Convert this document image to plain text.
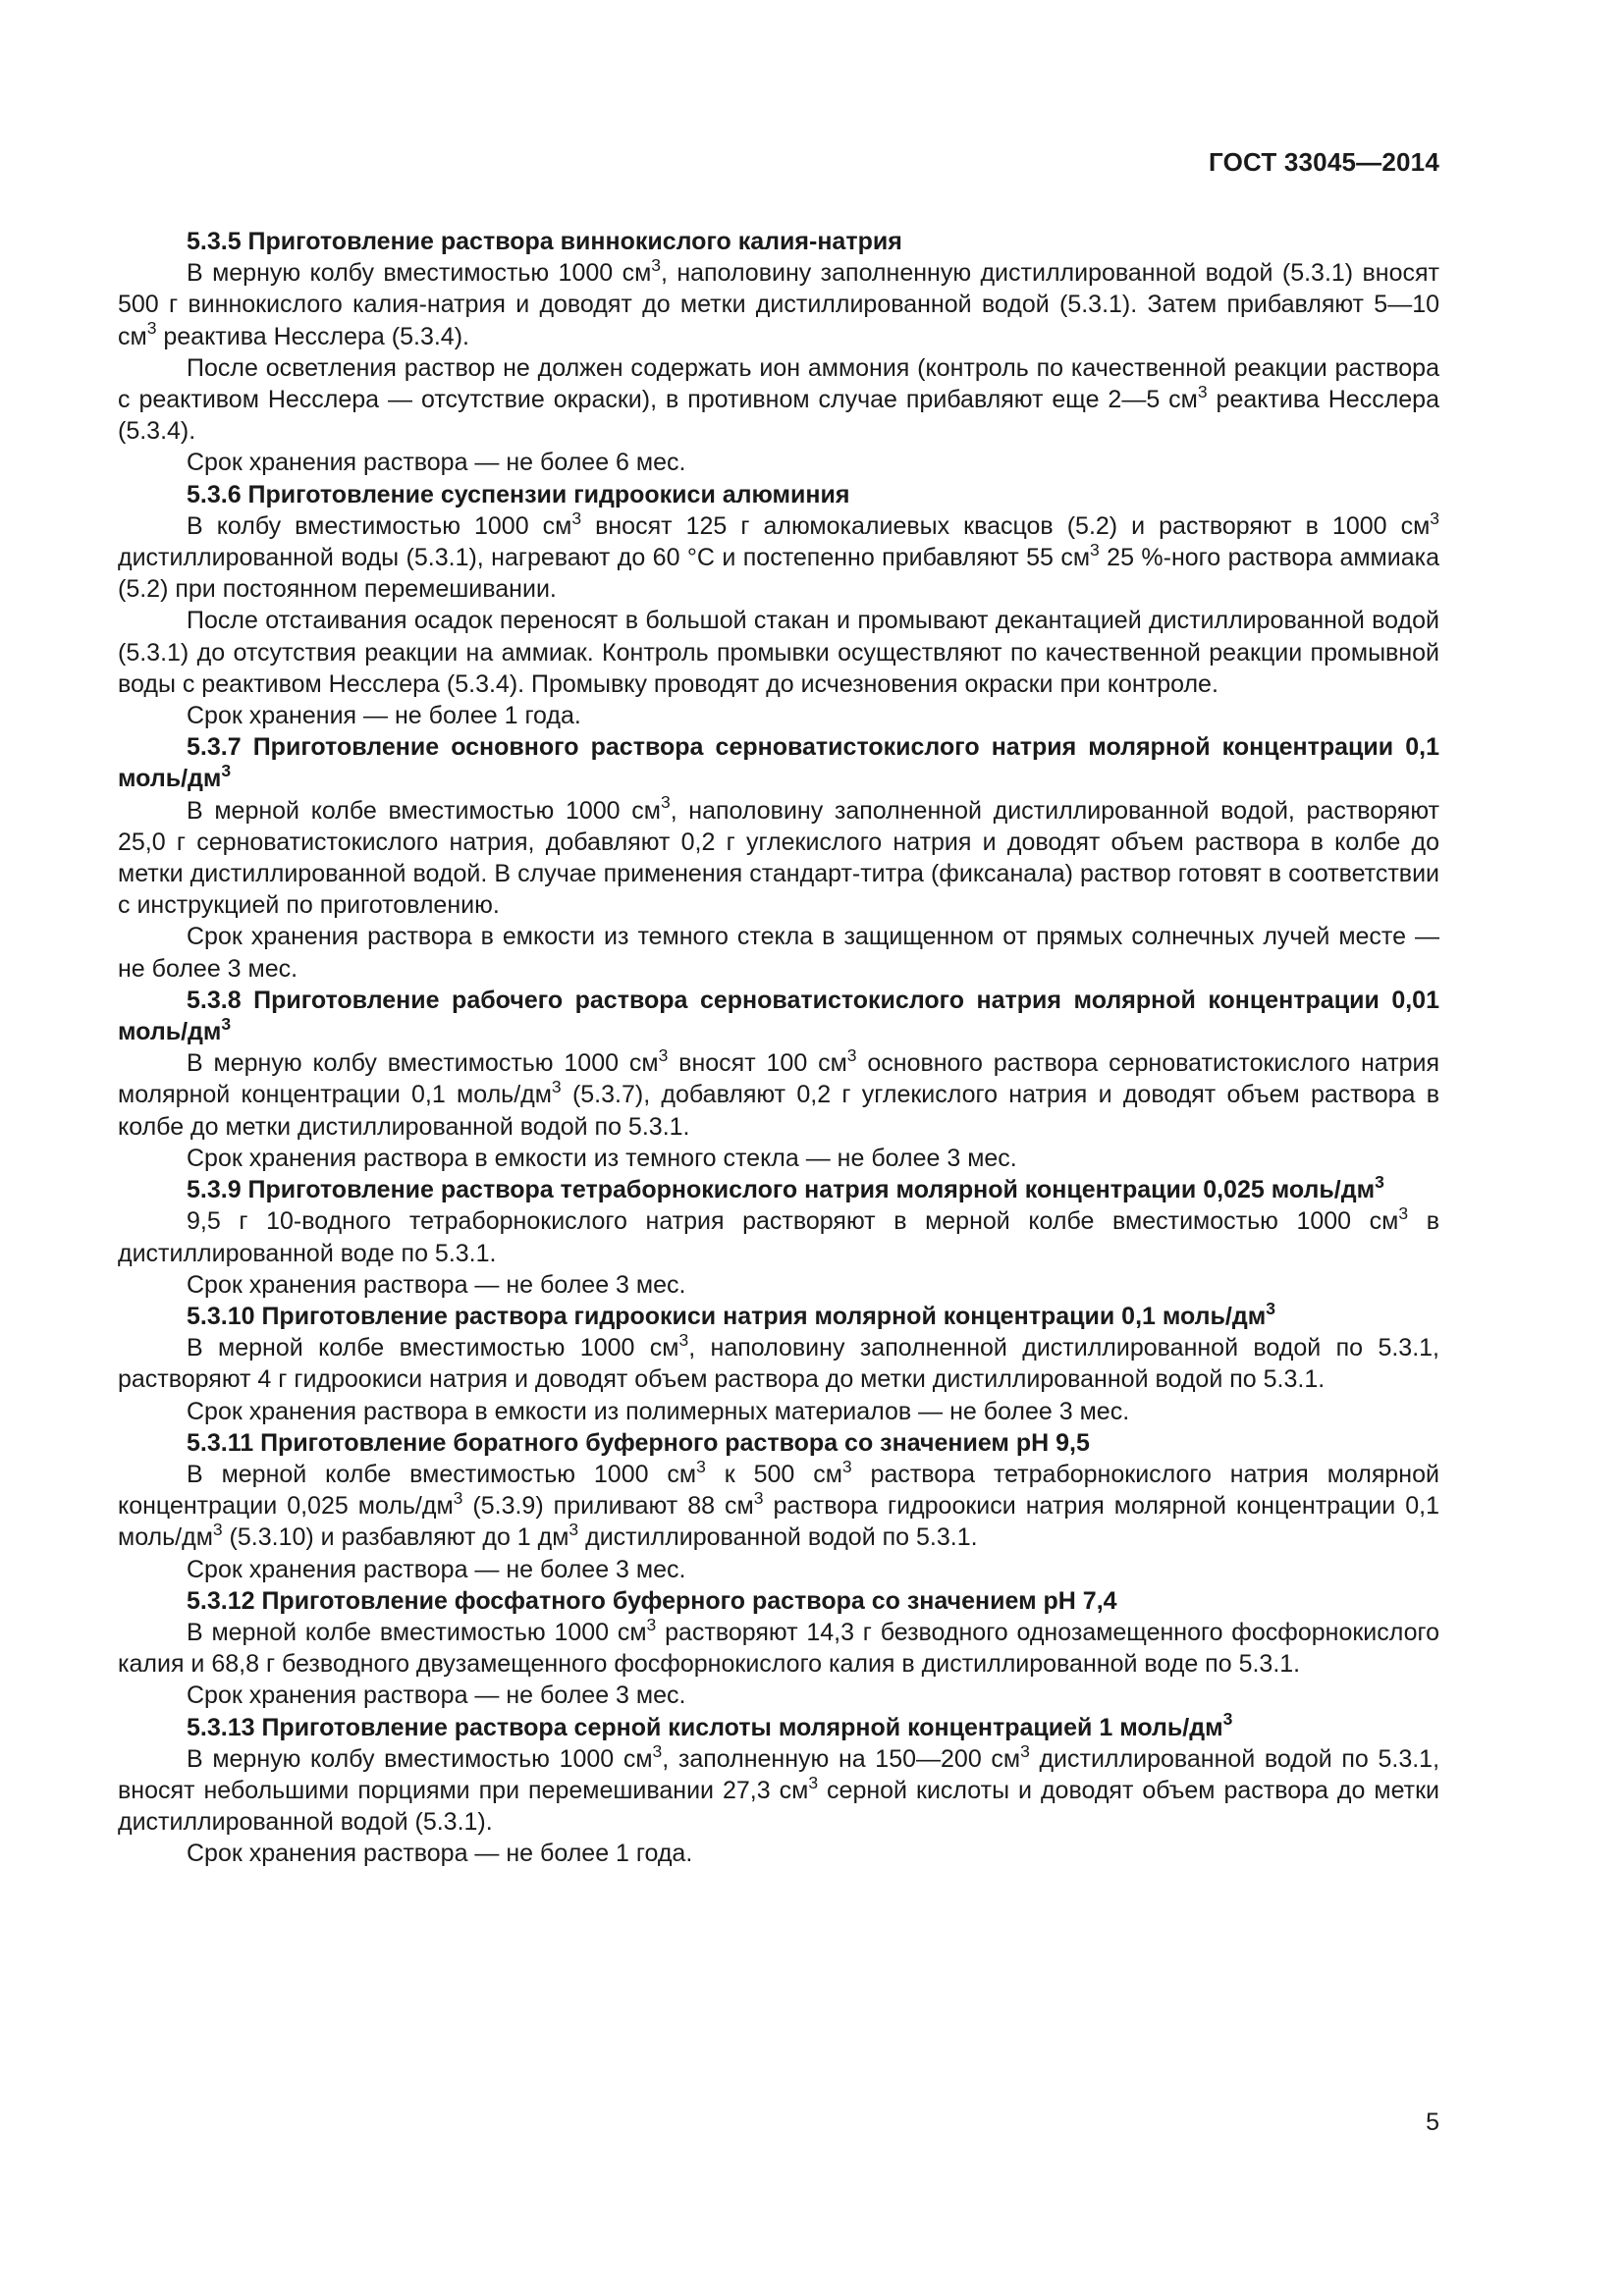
ГОСТ 33045—2014

5.3.5 Приготовление раствора виннокислого калия-натрия

В мерную колбу вместимостью 1000 $см^3$, наполовину заполненную дистиллированной водой (5.3.1) вносят 500 г виннокислого калия-натрия и доводят до метки дистиллированной водой (5.3.1). Затем прибавляют 5—10 $см^3$ реактива Несслера (5.3.4).

После осветления раствор не должен содержать ион аммония (контроль по качественной реакции раствора с реактивом Несслера — отсутствие окраски), в противном случае прибавляют еще 2—5 $см^3$ реактива Несслера (5.3.4).

Срок хранения раствора — не более 6 мес.

5.3.6 Приготовление суспензии гидроокиси алюминия

В колбу вместимостью 1000 $см^3$ вносят 125 г алюмокалиевых квасцов (5.2) и растворяют в 1000 $см^3$ дистиллированной воды (5.3.1), нагревают до 60 °С и постепенно прибавляют 55 $см^3$ 25 %-ного раствора аммиака (5.2) при постоянном перемешивании.

После отстаивания осадок переносят в большой стакан и промывают декантацией дистиллированной водой (5.3.1) до отсутствия реакции на аммиак. Контроль промывки осуществляют по качественной реакции промывной воды с реактивом Несслера (5.3.4). Промывку проводят до исчезновения окраски при контроле.

Срок хранения — не более 1 года.

5.3.7 Приготовление основного раствора серноватистокислого натрия молярной концентрации 0,1 моль/$дм^3$

В мерной колбе вместимостью 1000 $см^3$, наполовину заполненной дистиллированной водой, растворяют 25,0 г серноватистокислого натрия, добавляют 0,2 г углекислого натрия и доводят объем раствора в колбе до метки дистиллированной водой. В случае применения стандарт-титра (фиксанала) раствор готовят в соответствии с инструкцией по приготовлению.

Срок хранения раствора в емкости из темного стекла в защищенном от прямых солнечных лучей месте — не более 3 мес.

5.3.8 Приготовление рабочего раствора серноватистокислого натрия молярной концентрации 0,01 моль/$дм^3$

В мерную колбу вместимостью 1000 $см^3$ вносят 100 $см^3$ основного раствора серноватистокислого натрия молярной концентрации 0,1 моль/$дм^3$ (5.3.7), добавляют 0,2 г углекислого натрия и доводят объем раствора в колбе до метки дистиллированной водой по 5.3.1.

Срок хранения раствора в емкости из темного стекла — не более 3 мес.

5.3.9 Приготовление раствора тетраборнокислого натрия молярной концентрации 0,025 моль/$дм^3$

9,5 г 10-водного тетраборнокислого натрия растворяют в мерной колбе вместимостью 1000 $см^3$ в дистиллированной воде по 5.3.1.

Срок хранения раствора — не более 3 мес.

5.3.10 Приготовление раствора гидроокиси натрия молярной концентрации 0,1 моль/$дм^3$

В мерной колбе вместимостью 1000 $см^3$, наполовину заполненной дистиллированной водой по 5.3.1, растворяют 4 г гидроокиси натрия и доводят объем раствора до метки дистиллированной водой по 5.3.1.

Срок хранения раствора в емкости из полимерных материалов — не более 3 мес.

5.3.11 Приготовление боратного буферного раствора со значением рН 9,5

В мерной колбе вместимостью 1000 $см^3$ к 500 $см^3$ раствора тетраборнокислого натрия молярной концентрации 0,025 моль/$дм^3$ (5.3.9) приливают 88 $см^3$ раствора гидроокиси натрия молярной концентрации 0,1 моль/$дм^3$ (5.3.10) и разбавляют до 1 $дм^3$ дистиллированной водой по 5.3.1.

Срок хранения раствора — не более 3 мес.

5.3.12 Приготовление фосфатного буферного раствора со значением рН 7,4

В мерной колбе вместимостью 1000 $см^3$ растворяют 14,3 г безводного однозамещенного фосфорнокислого калия и 68,8 г безводного двузамещенного фосфорнокислого калия в дистиллированной воде по 5.3.1.

Срок хранения раствора — не более 3 мес.

5.3.13 Приготовление раствора серной кислоты молярной концентрацией 1 моль/$дм^3$

В мерную колбу вместимостью 1000 $см^3$, заполненную на 150—200 $см^3$ дистиллированной водой по 5.3.1, вносят небольшими порциями при перемешивании 27,3 $см^3$ серной кислоты и доводят объем раствора до метки дистиллированной водой (5.3.1).

Срок хранения раствора — не более 1 года.

5
